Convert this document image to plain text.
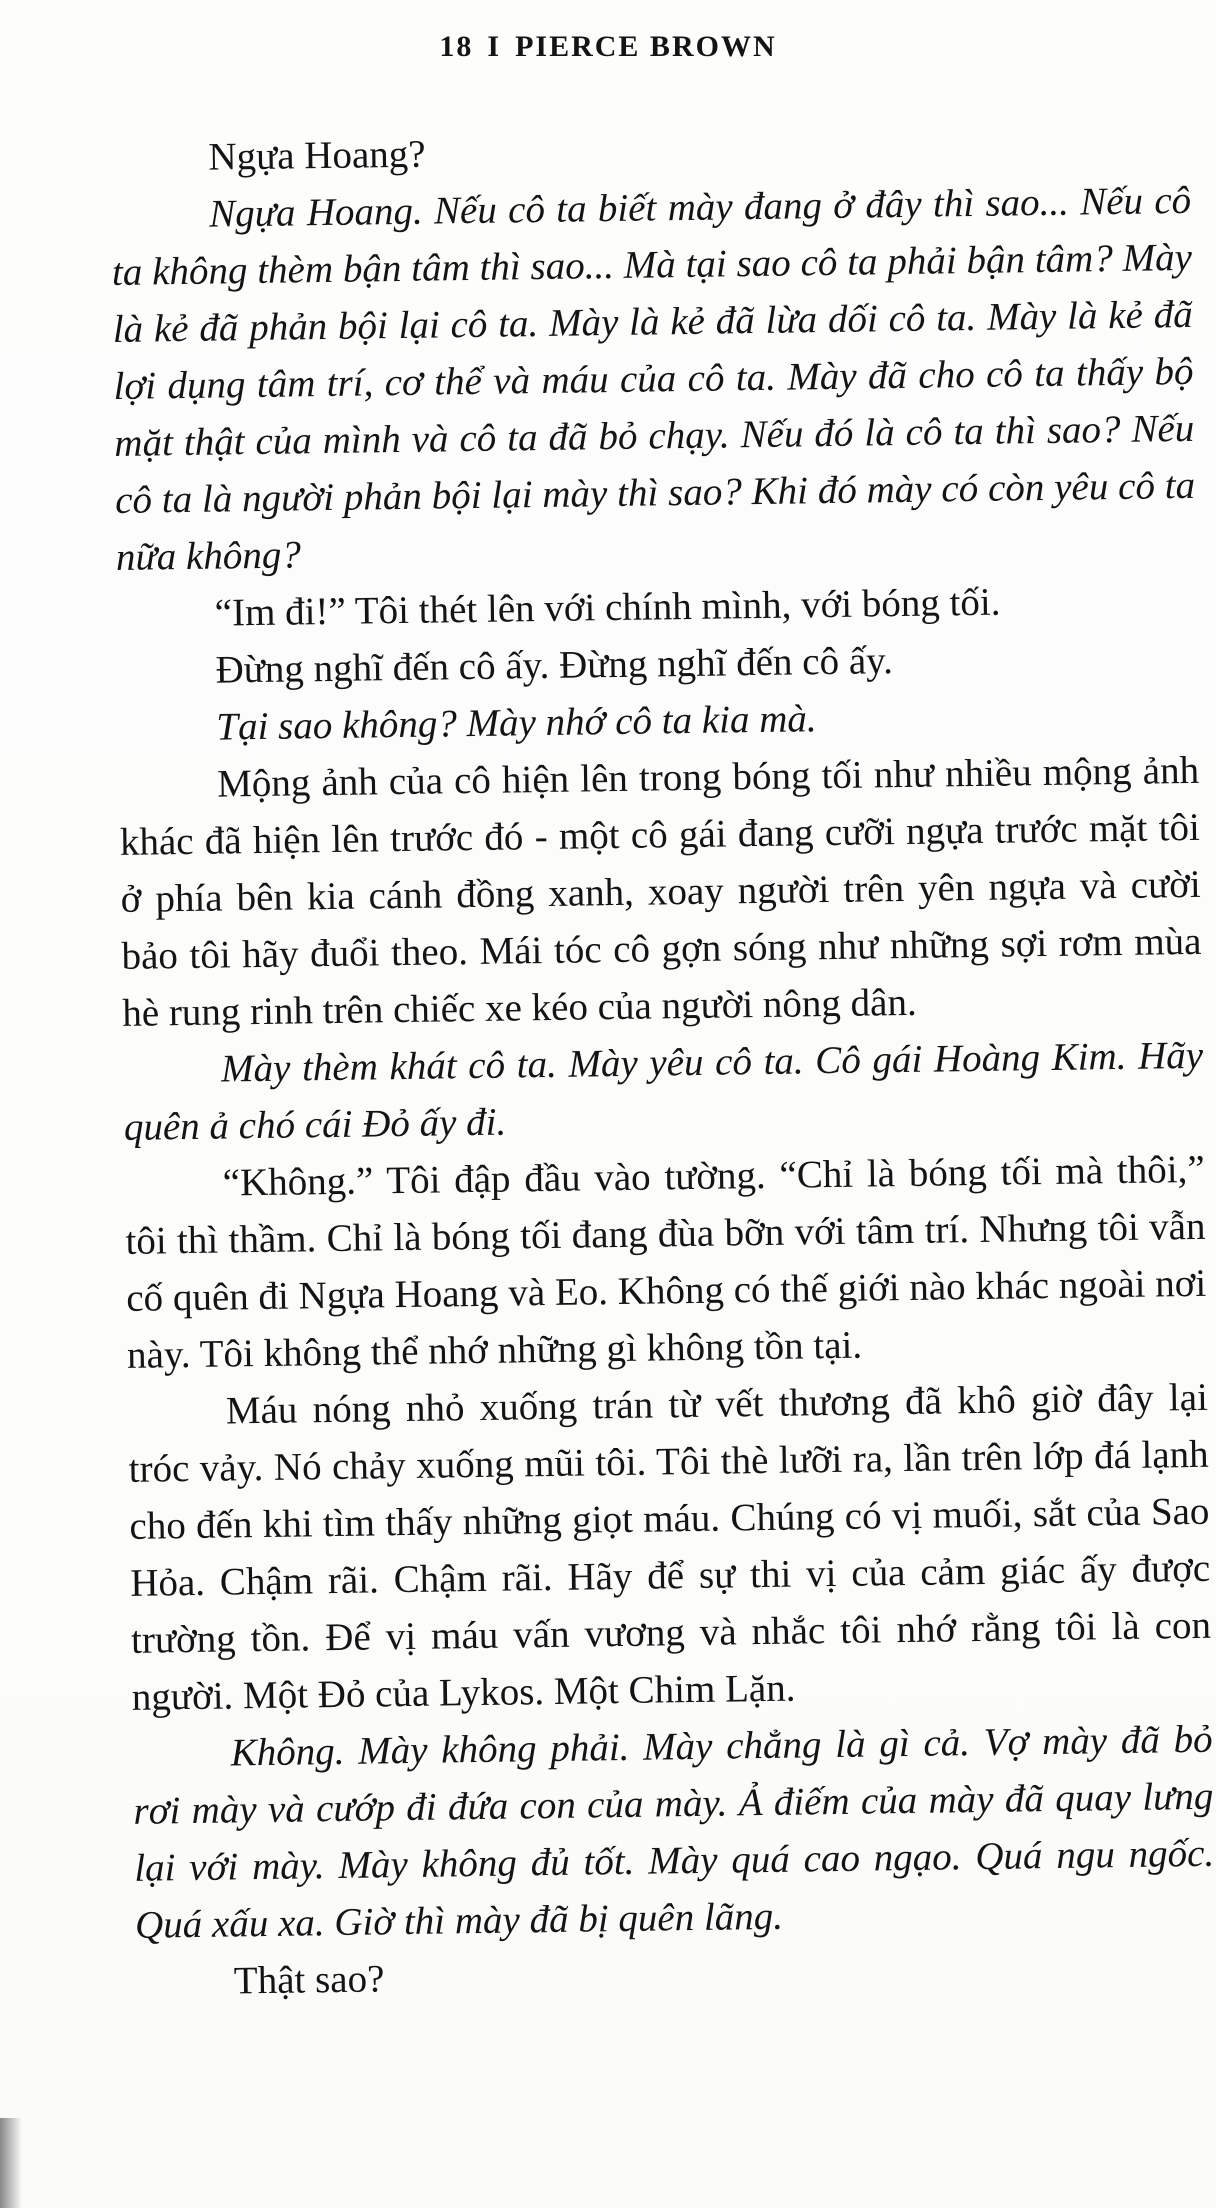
18 I PIERCE BROWN

Ngựa Hoang?

Ngựa Hoang. Nếu cô ta biết mày đang ở đây thì sao... Nếu cô ta không thèm bận tâm thì sao... Mà tại sao cô ta phải bận tâm? Mày là kẻ đã phản bội lại cô ta. Mày là kẻ đã lừa dối cô ta. Mày là kẻ đã lợi dụng tâm trí, cơ thể và máu của cô ta. Mày đã cho cô ta thấy bộ mặt thật của mình và cô ta đã bỏ chạy. Nếu đó là cô ta thì sao? Nếu cô ta là người phản bội lại mày thì sao? Khi đó mày có còn yêu cô ta nữa không?

“Im đi!” Tôi thét lên với chính mình, với bóng tối.

Đừng nghĩ đến cô ấy. Đừng nghĩ đến cô ấy.

Tại sao không? Mày nhớ cô ta kia mà.

Mộng ảnh của cô hiện lên trong bóng tối như nhiều mộng ảnh khác đã hiện lên trước đó - một cô gái đang cưỡi ngựa trước mặt tôi ở phía bên kia cánh đồng xanh, xoay người trên yên ngựa và cười bảo tôi hãy đuổi theo. Mái tóc cô gợn sóng như những sợi rơm mùa hè rung rinh trên chiếc xe kéo của người nông dân.

Mày thèm khát cô ta. Mày yêu cô ta. Cô gái Hoàng Kim. Hãy quên ả chó cái Đỏ ấy đi.

“Không.” Tôi đập đầu vào tường. “Chỉ là bóng tối mà thôi,” tôi thì thầm. Chỉ là bóng tối đang đùa bỡn với tâm trí. Nhưng tôi vẫn cố quên đi Ngựa Hoang và Eo. Không có thế giới nào khác ngoài nơi này. Tôi không thể nhớ những gì không tồn tại.

Máu nóng nhỏ xuống trán từ vết thương đã khô giờ đây lại tróc vảy. Nó chảy xuống mũi tôi. Tôi thè lưỡi ra, lần trên lớp đá lạnh cho đến khi tìm thấy những giọt máu. Chúng có vị muối, sắt của Sao Hỏa. Chậm rãi. Chậm rãi. Hãy để sự thi vị của cảm giác ấy được trường tồn. Để vị máu vấn vương và nhắc tôi nhớ rằng tôi là con người. Một Đỏ của Lykos. Một Chim Lặn.

Không. Mày không phải. Mày chẳng là gì cả. Vợ mày đã bỏ rơi mày và cướp đi đứa con của mày. Ả điếm của mày đã quay lưng lại với mày. Mày không đủ tốt. Mày quá cao ngạo. Quá ngu ngốc. Quá xấu xa. Giờ thì mày đã bị quên lãng.

Thật sao?
